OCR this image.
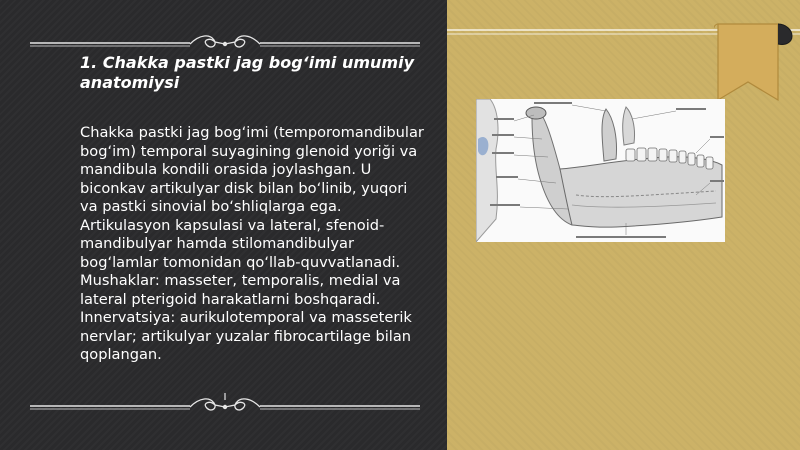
1. Chakka pastki jag bog‘imi umumiy anatomiysi
Chakka pastki jag bog‘imi (temporomandibular bog‘im) temporal suyagining glenoid yoriği va mandibula kondili orasida joylashgan. U biconkav artikulyar disk bilan bo‘linib, yuqori va pastki sinovial bo‘shliqlarga ega. Artikulasyon kapsulasi va lateral, sfenoid-mandibulyar hamda stilomandibulyar bog‘lamlar tomonidan qo‘llab-quvvatlanadi. Mushaklar: masseter, temporalis, medial va lateral pterigoid harakatlarni boshqaradi. Innervatsiya: aurikulotemporal va masseterik nervlar; artikulyar yuzalar fibrocartilage bilan qoplangan.
